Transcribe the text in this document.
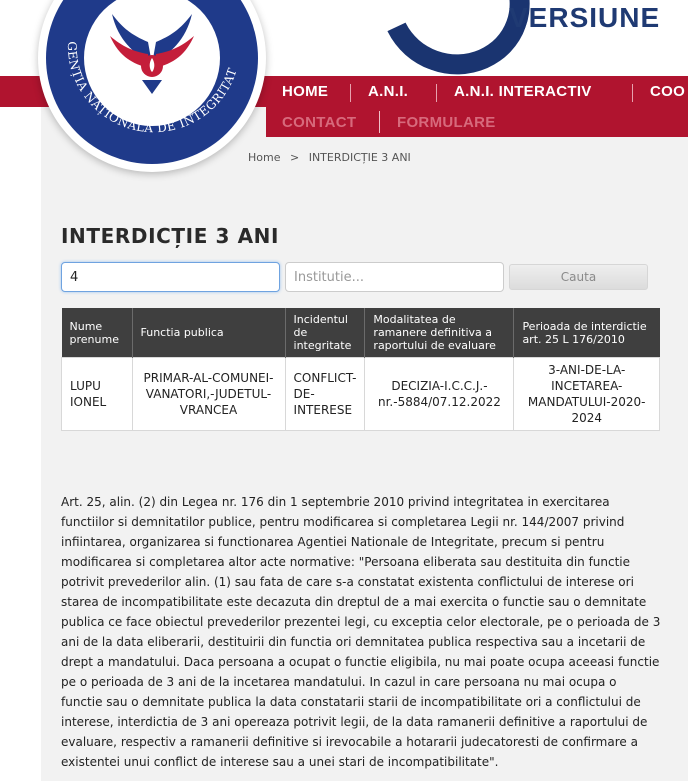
VERSIUNE
HOME	A.N.I.	A.N.I. INTERACTIV	COO
CONTACT	FORMULARE
GENȚIA NAȚIONALĂ DE INTEGRITAT
Home > INTERDICȚIE 3 ANI
INTERDICȚIE 3 ANI
4
Institutie...
Cauta
Nume prenume	Functia publica	Incidentul de integritate	Modalitatea de ramanere definitiva a raportului de evaluare	Perioada de interdictie art. 25 L 176/2010
LUPU IONEL	PRIMAR-AL-COMUNEI-VANATORI,-JUDETUL-VRANCEA	CONFLICT-DE-INTERESE	DECIZIA-I.C.C.J.-nr.-5884/07.12.2022	3-ANI-DE-LA-INCETAREA-MANDATULUI-2020-2024

Art. 25, alin. (2) din Legea nr. 176 din 1 septembrie 2010 privind integritatea in exercitarea functiilor si demnitatilor publice, pentru modificarea si completarea Legii nr. 144/2007 privind infiintarea, organizarea si functionarea Agentiei Nationale de Integritate, precum si pentru modificarea si completarea altor acte normative: "Persoana eliberata sau destituita din functie potrivit prevederilor alin. (1) sau fata de care s-a constatat existenta conflictului de interese ori starea de incompatibilitate este decazuta din dreptul de a mai exercita o functie sau o demnitate publica ce face obiectul prevederilor prezentei legi, cu exceptia celor electorale, pe o perioada de 3 ani de la data eliberarii, destituirii din functia ori demnitatea publica respectiva sau a incetarii de drept a mandatului. Daca persoana a ocupat o functie eligibila, nu mai poate ocupa aceeasi functie pe o perioada de 3 ani de la incetarea mandatului. In cazul in care persoana nu mai ocupa o functie sau o demnitate publica la data constatarii starii de incompatibilitate ori a conflictului de interese, interdictia de 3 ani opereaza potrivit legii, de la data ramanerii definitive a raportului de evaluare, respectiv a ramanerii definitive si irevocabile a hotararii judecatoresti de confirmare a existentei unui conflict de interese sau a unei stari de incompatibilitate".
